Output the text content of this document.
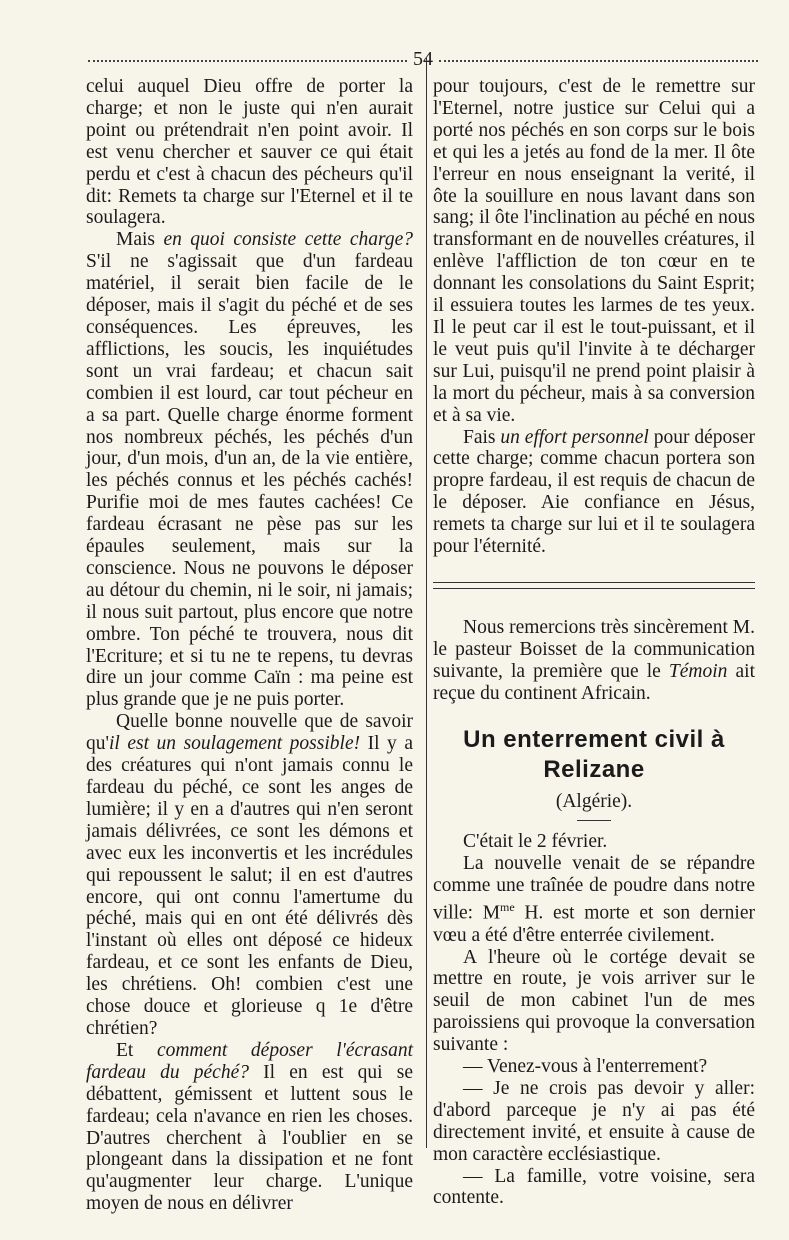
54

celui auquel Dieu offre de porter la charge; et non le juste qui n'en aurait point ou prétendrait n'en point avoir. Il est venu chercher et sauver ce qui était perdu et c'est à chacun des pécheurs qu'il dit: Remets ta charge sur l'Eternel et il te soulagera.

Mais en quoi consiste cette charge? S'il ne s'agissait que d'un fardeau matériel, il serait bien facile de le déposer, mais il s'agit du péché et de ses conséquences. Les épreuves, les afflictions, les soucis, les inquiétudes sont un vrai fardeau; et chacun sait combien il est lourd, car tout pécheur en a sa part. Quelle charge énorme forment nos nombreux péchés, les péchés d'un jour, d'un mois, d'un an, de la vie entière, les péchés connus et les péchés cachés! Purifie moi de mes fautes cachées! Ce fardeau écrasant ne pèse pas sur les épaules seulement, mais sur la conscience. Nous ne pouvons le déposer au détour du chemin, ni le soir, ni jamais; il nous suit partout, plus encore que notre ombre. Ton péché te trouvera, nous dit l'Ecriture; et si tu ne te repens, tu devras dire un jour comme Caïn : ma peine est plus grande que je ne puis porter.

Quelle bonne nouvelle que de savoir qu'il est un soulagement possible! Il y a des créatures qui n'ont jamais connu le fardeau du péché, ce sont les anges de lumière; il y en a d'autres qui n'en seront jamais délivrées, ce sont les démons et avec eux les inconvertis et les incrédules qui repoussent le salut; il en est d'autres encore, qui ont connu l'amertume du péché, mais qui en ont été délivrés dès l'instant où elles ont déposé ce hideux fardeau, et ce sont les enfants de Dieu, les chrétiens. Oh! combien c'est une chose douce et glorieuse q 1e d'être chrétien?

Et comment déposer l'écrasant fardeau du péché? Il en est qui se débattent, gémissent et luttent sous le fardeau; cela n'avance en rien les choses. D'autres cherchent à l'oublier en se plongeant dans la dissipation et ne font qu'augmenter leur charge. L'unique moyen de nous en délivrer

pour toujours, c'est de le remettre sur l'Eternel, notre justice sur Celui qui a porté nos péchés en son corps sur le bois et qui les a jetés au fond de la mer. Il ôte l'erreur en nous enseignant la verité, il ôte la souillure en nous lavant dans son sang; il ôte l'inclination au péché en nous transformant en de nouvelles créatures, il enlève l'affliction de ton cœur en te donnant les consolations du Saint Esprit; il essuiera toutes les larmes de tes yeux. Il le peut car il est le tout-puissant, et il le veut puis qu'il l'invite à te décharger sur Lui, puisqu'il ne prend point plaisir à la mort du pécheur, mais à sa conversion et à sa vie.

Fais un effort personnel pour déposer cette charge; comme chacun portera son propre fardeau, il est requis de chacun de le déposer. Aie confiance en Jésus, remets ta charge sur lui et il te soulagera pour l'éternité.

Nous remercions très sincèrement M. le pasteur Boisset de la communication suivante, la première que le Témoin ait reçue du continent Africain.

Un enterrement civil à Relizane
(Algérie).

C'était le 2 février.

La nouvelle venait de se répandre comme une traînée de poudre dans notre ville: $M^{me}$ H. est morte et son dernier vœu a été d'être enterrée civilement.

A l'heure où le cortége devait se mettre en route, je vois arriver sur le seuil de mon cabinet l'un de mes paroissiens qui provoque la conversation suivante :

— Venez-vous à l'enterrement?

— Je ne crois pas devoir y aller: d'abord parceque je n'y ai pas été directement invité, et ensuite à cause de mon caractère ecclésiastique.

— La famille, votre voisine, sera contente.
